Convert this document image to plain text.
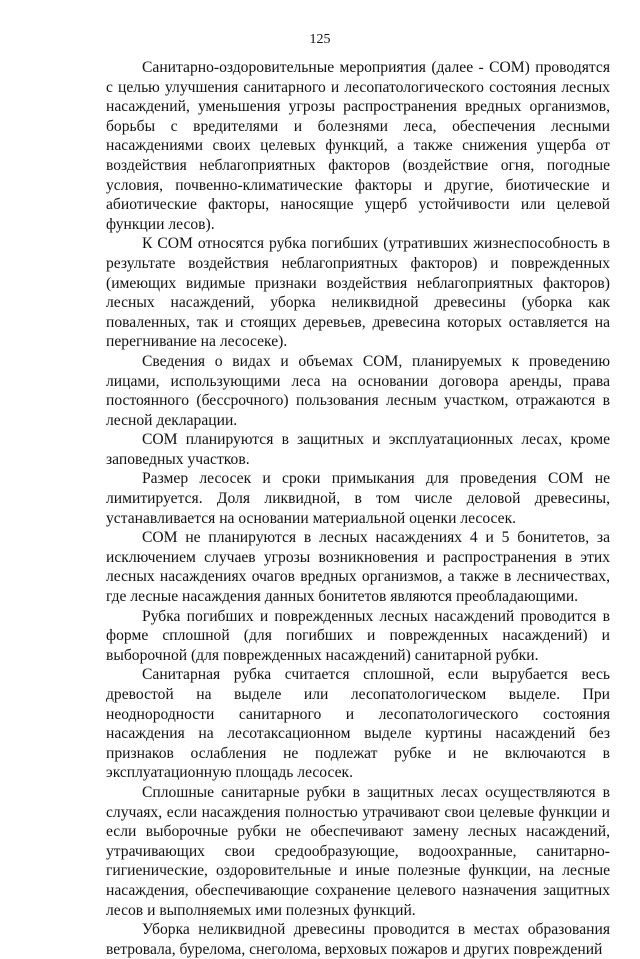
125

Санитарно-оздоровительные мероприятия (далее - СОМ) проводятся с целью улучшения санитарного и лесопатологического состояния лесных насаждений, уменьшения угрозы распространения вредных организмов, борьбы с вредителями и болезнями леса, обеспечения лесными насаждениями своих целевых функций, а также снижения ущерба от воздействия неблагоприятных факторов (воздействие огня, погодные условия, почвенно-климатические факторы и другие, биотические и абиотические факторы, наносящие ущерб устойчивости или целевой функции лесов).

К СОМ относятся рубка погибших (утративших жизнеспособность в результате воздействия неблагоприятных факторов) и поврежденных (имеющих видимые признаки воздействия неблагоприятных факторов) лесных насаждений, уборка неликвидной древесины (уборка как поваленных, так и стоящих деревьев, древесина которых оставляется на перегнивание на лесосеке).

Сведения о видах и объемах СОМ, планируемых к проведению лицами, использующими леса на основании договора аренды, права постоянного (бессрочного) пользования лесным участком, отражаются в лесной декларации.

СОМ планируются в защитных и эксплуатационных лесах, кроме заповедных участков.

Размер лесосек и сроки примыкания для проведения СОМ не лимитируется. Доля ликвидной, в том числе деловой древесины, устанавливается на основании материальной оценки лесосек.

СОМ не планируются в лесных насаждениях 4 и 5 бонитетов, за исключением случаев угрозы возникновения и распространения в этих лесных насаждениях очагов вредных организмов, а также в лесничествах, где лесные насаждения данных бонитетов являются преобладающими.

Рубка погибших и поврежденных лесных насаждений проводится в форме сплошной (для погибших и поврежденных насаждений) и выборочной (для поврежденных насаждений) санитарной рубки.

Санитарная рубка считается сплошной, если вырубается весь древостой на выделе или лесопатологическом выделе. При неоднородности санитарного и лесопатологического состояния насаждения на лесотаксационном выделе куртины насаждений без признаков ослабления не подлежат рубке и не включаются в эксплуатационную площадь лесосек.

Сплошные санитарные рубки в защитных лесах осуществляются в случаях, если насаждения полностью утрачивают свои целевые функции и если выборочные рубки не обеспечивают замену лесных насаждений, утрачивающих свои средообразующие, водоохранные, санитарно-гигиенические, оздоровительные и иные полезные функции, на лесные насаждения, обеспечивающие сохранение целевого назначения защитных лесов и выполняемых ими полезных функций.

Уборка неликвидной древесины проводится в местах образования ветровала, бурелома, снеголома, верховых пожаров и других повреждений
